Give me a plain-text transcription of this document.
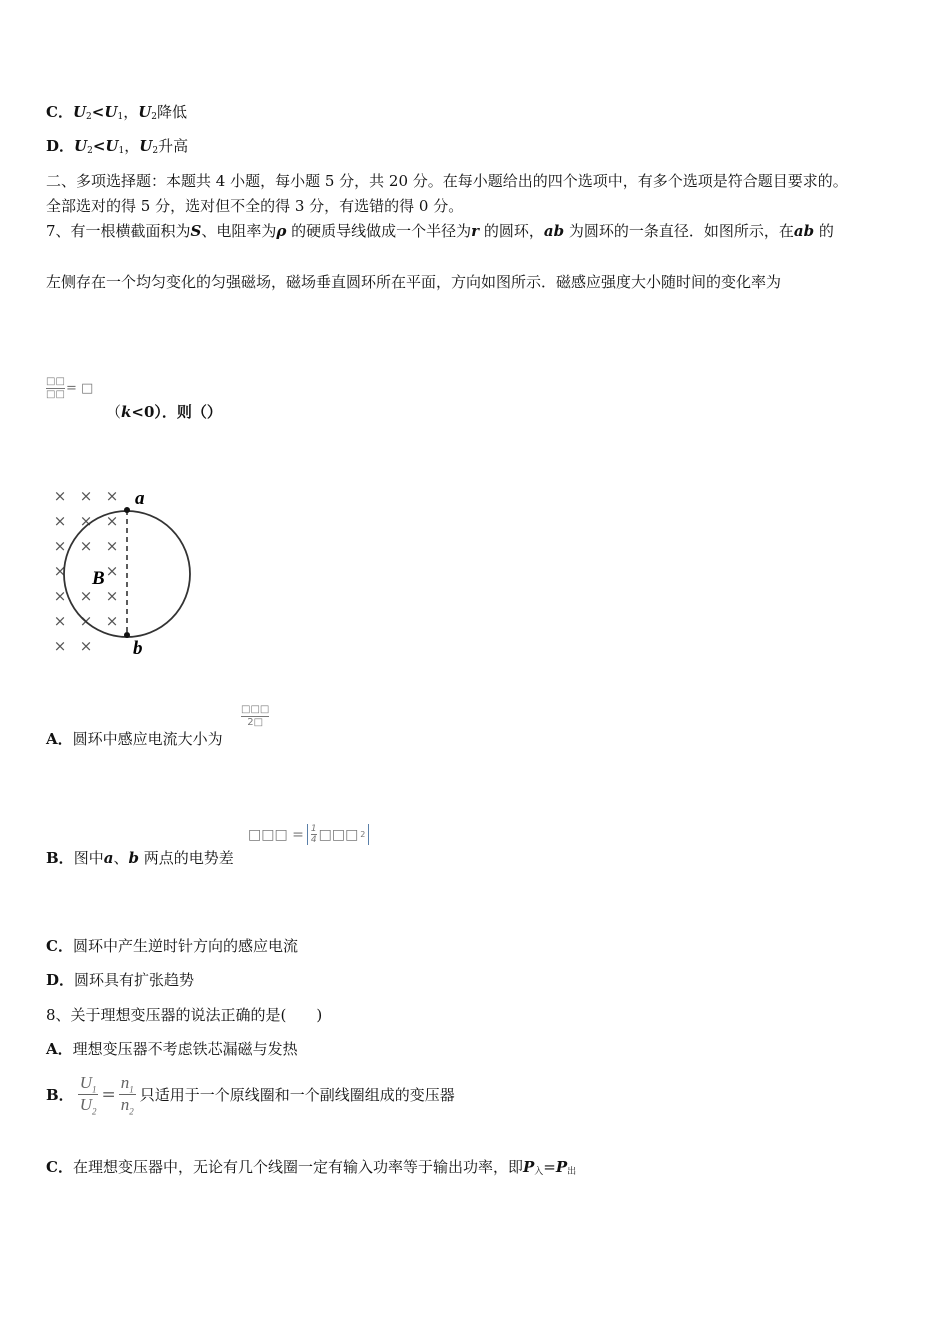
C．$U_2<U_1$，$U_2$降低
D．$U_2<U_1$，$U_2$升高
二、多项选择题：本题共 4 小题，每小题 5 分，共 20 分。在每小题给出的四个选项中，有多个选项是符合题目要求的。
全部选对的得 5 分，选对但不全的得 3 分，有选错的得 0 分。
7、有一根横截面积为S、电阻率为ρ 的硬质导线做成一个半径为r 的圆环，ab 为圆环的一条直径．如图所示，在ab 的
左侧存在一个均匀变化的匀强磁场，磁场垂直圆环所在平面，方向如图所示．磁感应强度大小随时间的变化率为
□□
□□ = □
（k<0）．则（）
× × ×
× × ×
× × ×
×	×
× × ×
× × ×
× ×
a
b
B
□□□
2□
A．圆环中感应电流大小为
□□□ = 1
4 □□□ 2
B．图中a、b 两点的电势差
C．圆环中产生逆时针方向的感应电流
D．圆环具有扩张趋势
8、关于理想变压器的说法正确的是(　　)
A．理想变压器不考虑铁芯漏磁与发热
B． $\frac{U_1}{U_2} = \frac{n_1}{n_2}$ 只适用于一个原线圈和一个副线圈组成的变压器
C．在理想变压器中，无论有几个线圈一定有输入功率等于输出功率，即$P_入=P_出$
